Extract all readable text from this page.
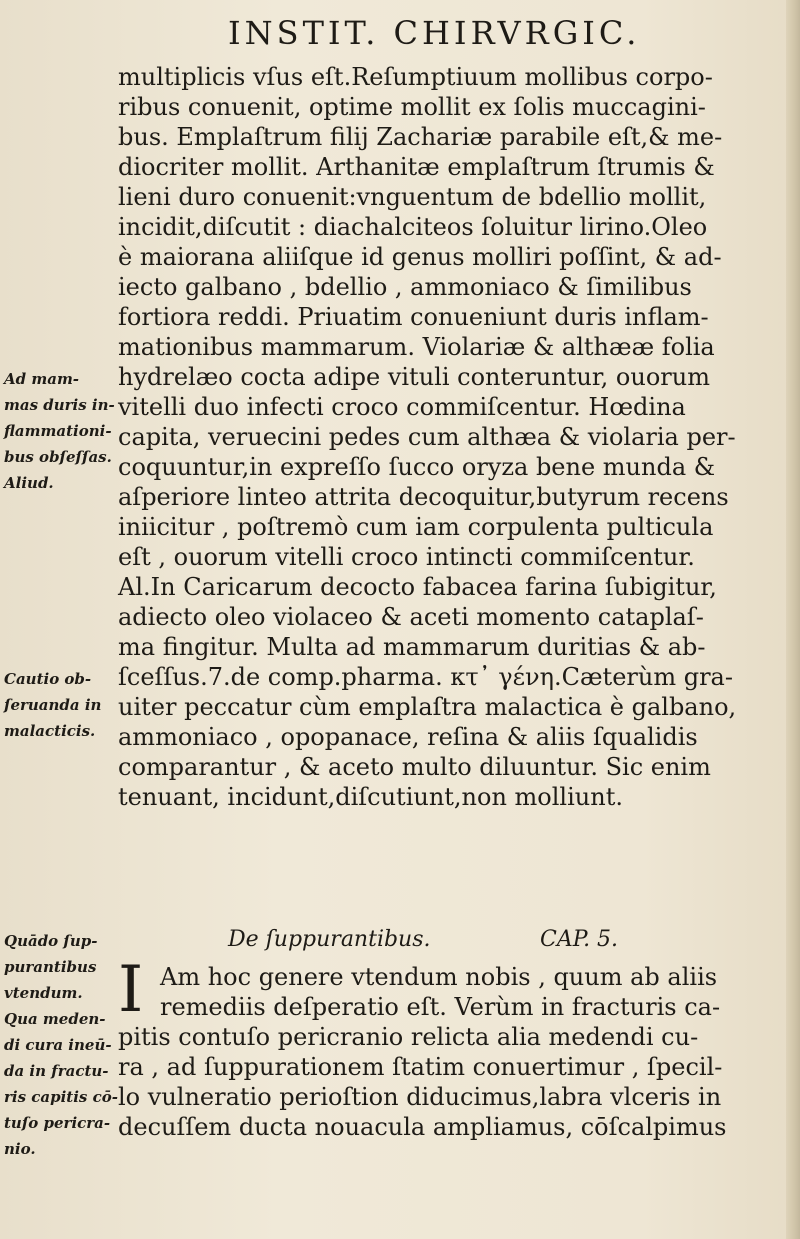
INSTIT. CHIRVRGIC.
multiplicis vſus eſt.Reſumptiuum mollibus corpo-
ribus conuenit, optime mollit ex ſolis muccagini-
bus. Emplaſtrum filij Zachariæ parabile eſt,& me-
diocriter mollit. Arthanitæ emplaſtrum ſtrumis &
lieni duro conuenit:vnguentum de bdellio mollit,
incidit,diſcutit : diachalciteos ſoluitur lirino.Oleo
è maiorana aliiſque id genus molliri poſſint, & ad-
iecto galbano , bdellio , ammoniaco & ſimilibus
fortiora reddi. Priuatim conueniunt duris inflam-
mationibus mammarum. Violariæ & althææ folia
hydrelæo cocta adipe vituli conteruntur, ouorum
vitelli duo infecti croco commiſcentur. Hœdina
capita, veruecini pedes cum althæa & violaria per-
coquuntur,in expreſſo ſucco oryza bene munda &
aſperiore linteo attrita decoquitur,butyrum recens
iniicitur , poſtremò cum iam corpulenta pulticula
eſt , ouorum vitelli croco intincti commiſcentur.
Al.In Caricarum decocto fabacea farina ſubigitur,
adiecto oleo violaceo & aceti momento cataplaſ-
ma fingitur. Multa ad mammarum duritias & ab-
ſceſſus.7.de comp.pharma. κτ᾽ γένη.Cæterùm gra-
uiter peccatur cùm emplaſtra malactica è galbano,
ammoniaco , opopanace, reſina & aliis ſqualidis
comparantur , & aceto multo diluuntur. Sic enim
tenuant, incidunt,diſcutiunt,non molliunt.
De ſuppurantibus.	CAP. 5.
I Am hoc genere vtendum nobis , quum ab aliis
remediis deſperatio eſt. Verùm in fracturis ca-
pitis contuſo pericranio relicta alia medendi cu-
ra , ad ſuppurationem ſtatim conuertimur , ſpecil-
lo vulneratio perioſtion diducimus,labra vlceris in
decuſſem ducta nouacula ampliamus, cōſcalpimus
Ad mam-
mas duris in-
flammationi-
bus obſeſſas.
Aliud.
Cautio ob-
ſeruanda in
malacticis.
Quādo ſup-
purantibus
vtendum.
Qua meden-
di cura ineū-
da in fractu-
ris capitis cō-
tuſo pericra-
nio.
